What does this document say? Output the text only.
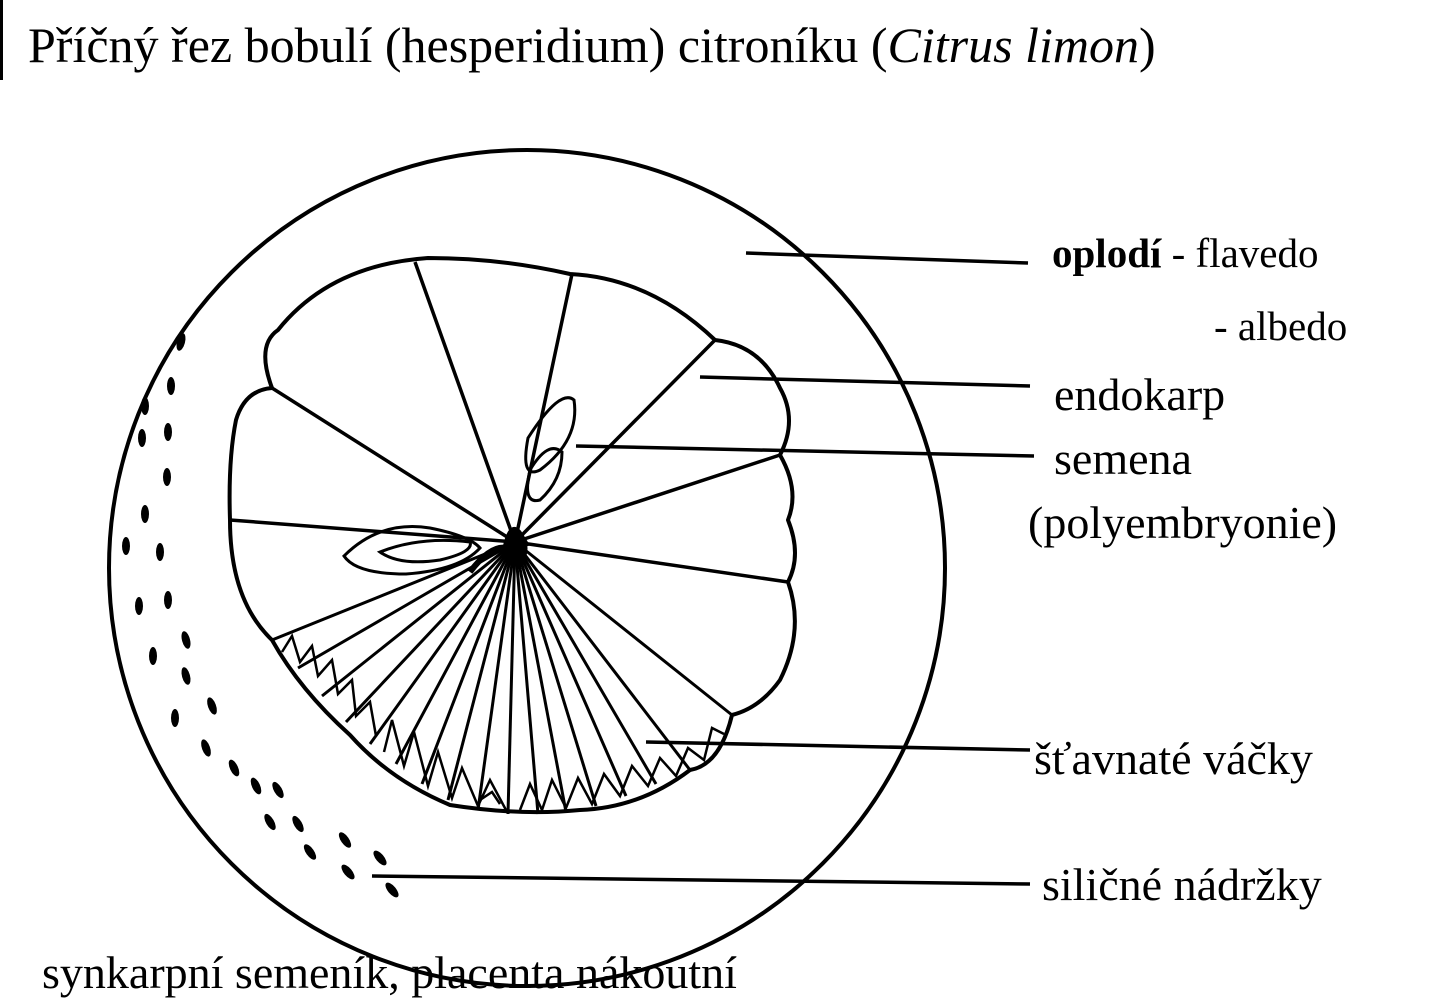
Příčný řez bobulí (hesperidium) citroníku (Citrus limon)
oplodí - flavedo
- albedo
endokarp
semena
(polyembryonie)
šťavnaté váčky
siličné nádržky
synkarpní semeník, placenta nákoutní
